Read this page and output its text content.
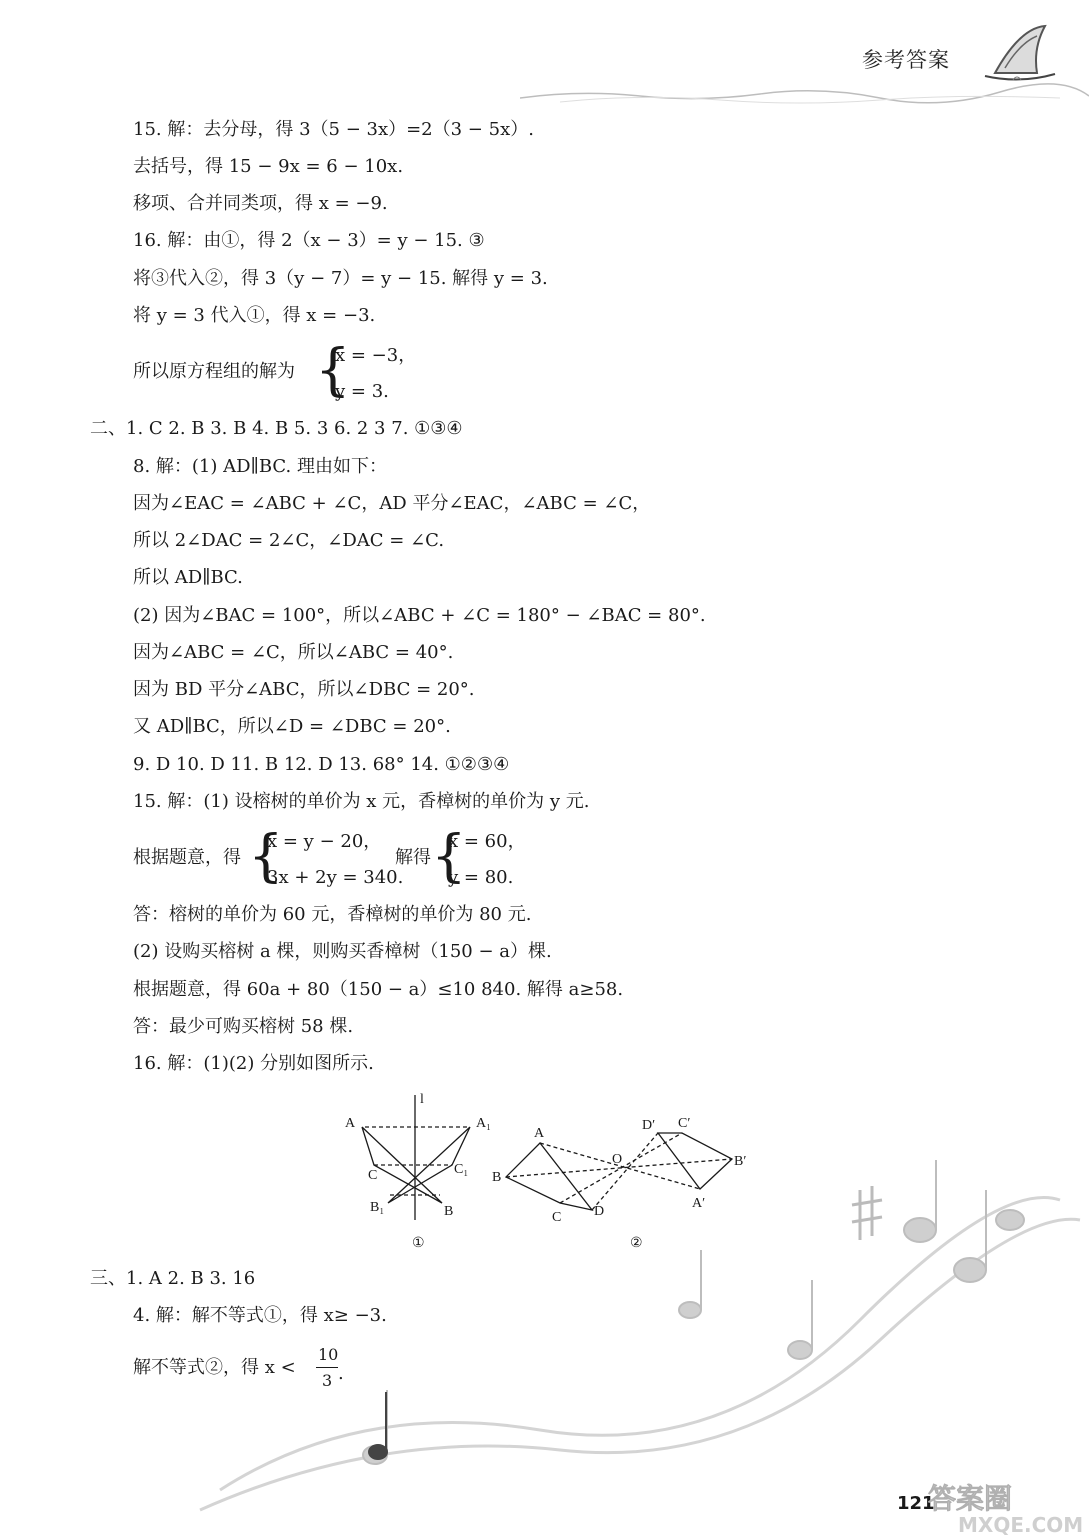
参考答案
15. 解：去分母，得 3（5 − 3x）=2（3 − 5x）.
去括号，得 15 − 9x = 6 − 10x.
移项、合并同类项，得 x = −9.
16. 解：由①，得 2（x − 3）= y − 15. ③
将③代入②，得 3（y − 7）= y − 15. 解得 y = 3.
将 y = 3 代入①，得 x = −3.
所以原方程组的解为 {
x = −3，
y = 3.
二、1. C 2. B 3. B 4. B 5. 3 6. 2 3 7. ①③④
8. 解：(1) AD∥BC. 理由如下：
因为∠EAC = ∠ABC + ∠C，AD 平分∠EAC，∠ABC = ∠C，
所以 2∠DAC = 2∠C，∠DAC = ∠C.
所以 AD∥BC.
(2) 因为∠BAC = 100°，所以∠ABC + ∠C = 180° − ∠BAC = 80°.
因为∠ABC = ∠C，所以∠ABC = 40°.
因为 BD 平分∠ABC，所以∠DBC = 20°.
又 AD∥BC，所以∠D = ∠DBC = 20°.
9. D 10. D 11. B 12. D 13. 68° 14. ①②③④
15. 解：(1) 设榕树的单价为 x 元，香樟树的单价为 y 元.
根据题意，得 {
x = y − 20，
3x + 2y = 340.
解得 {
x = 60，
y = 80.
答：榕树的单价为 60 元，香樟树的单价为 80 元.
(2) 设购买榕树 a 棵，则购买香樟树（150 − a）棵.
根据题意，得 60a + 80（150 − a）≤10 840. 解得 a≥58.
答：最少可购买榕树 58 棵.
16. 解：(1)(2) 分别如图所示.
A
l
A₁
C	C₁
B₁	B
①
A
B
C D
O
D′ C′
B′
A′
②
三、1. A 2. B 3. 16
4. 解：解不等式①，得 x≥ −3.
解不等式②，得 x <
10
3 .
121
答案圈
MXQE.COM
